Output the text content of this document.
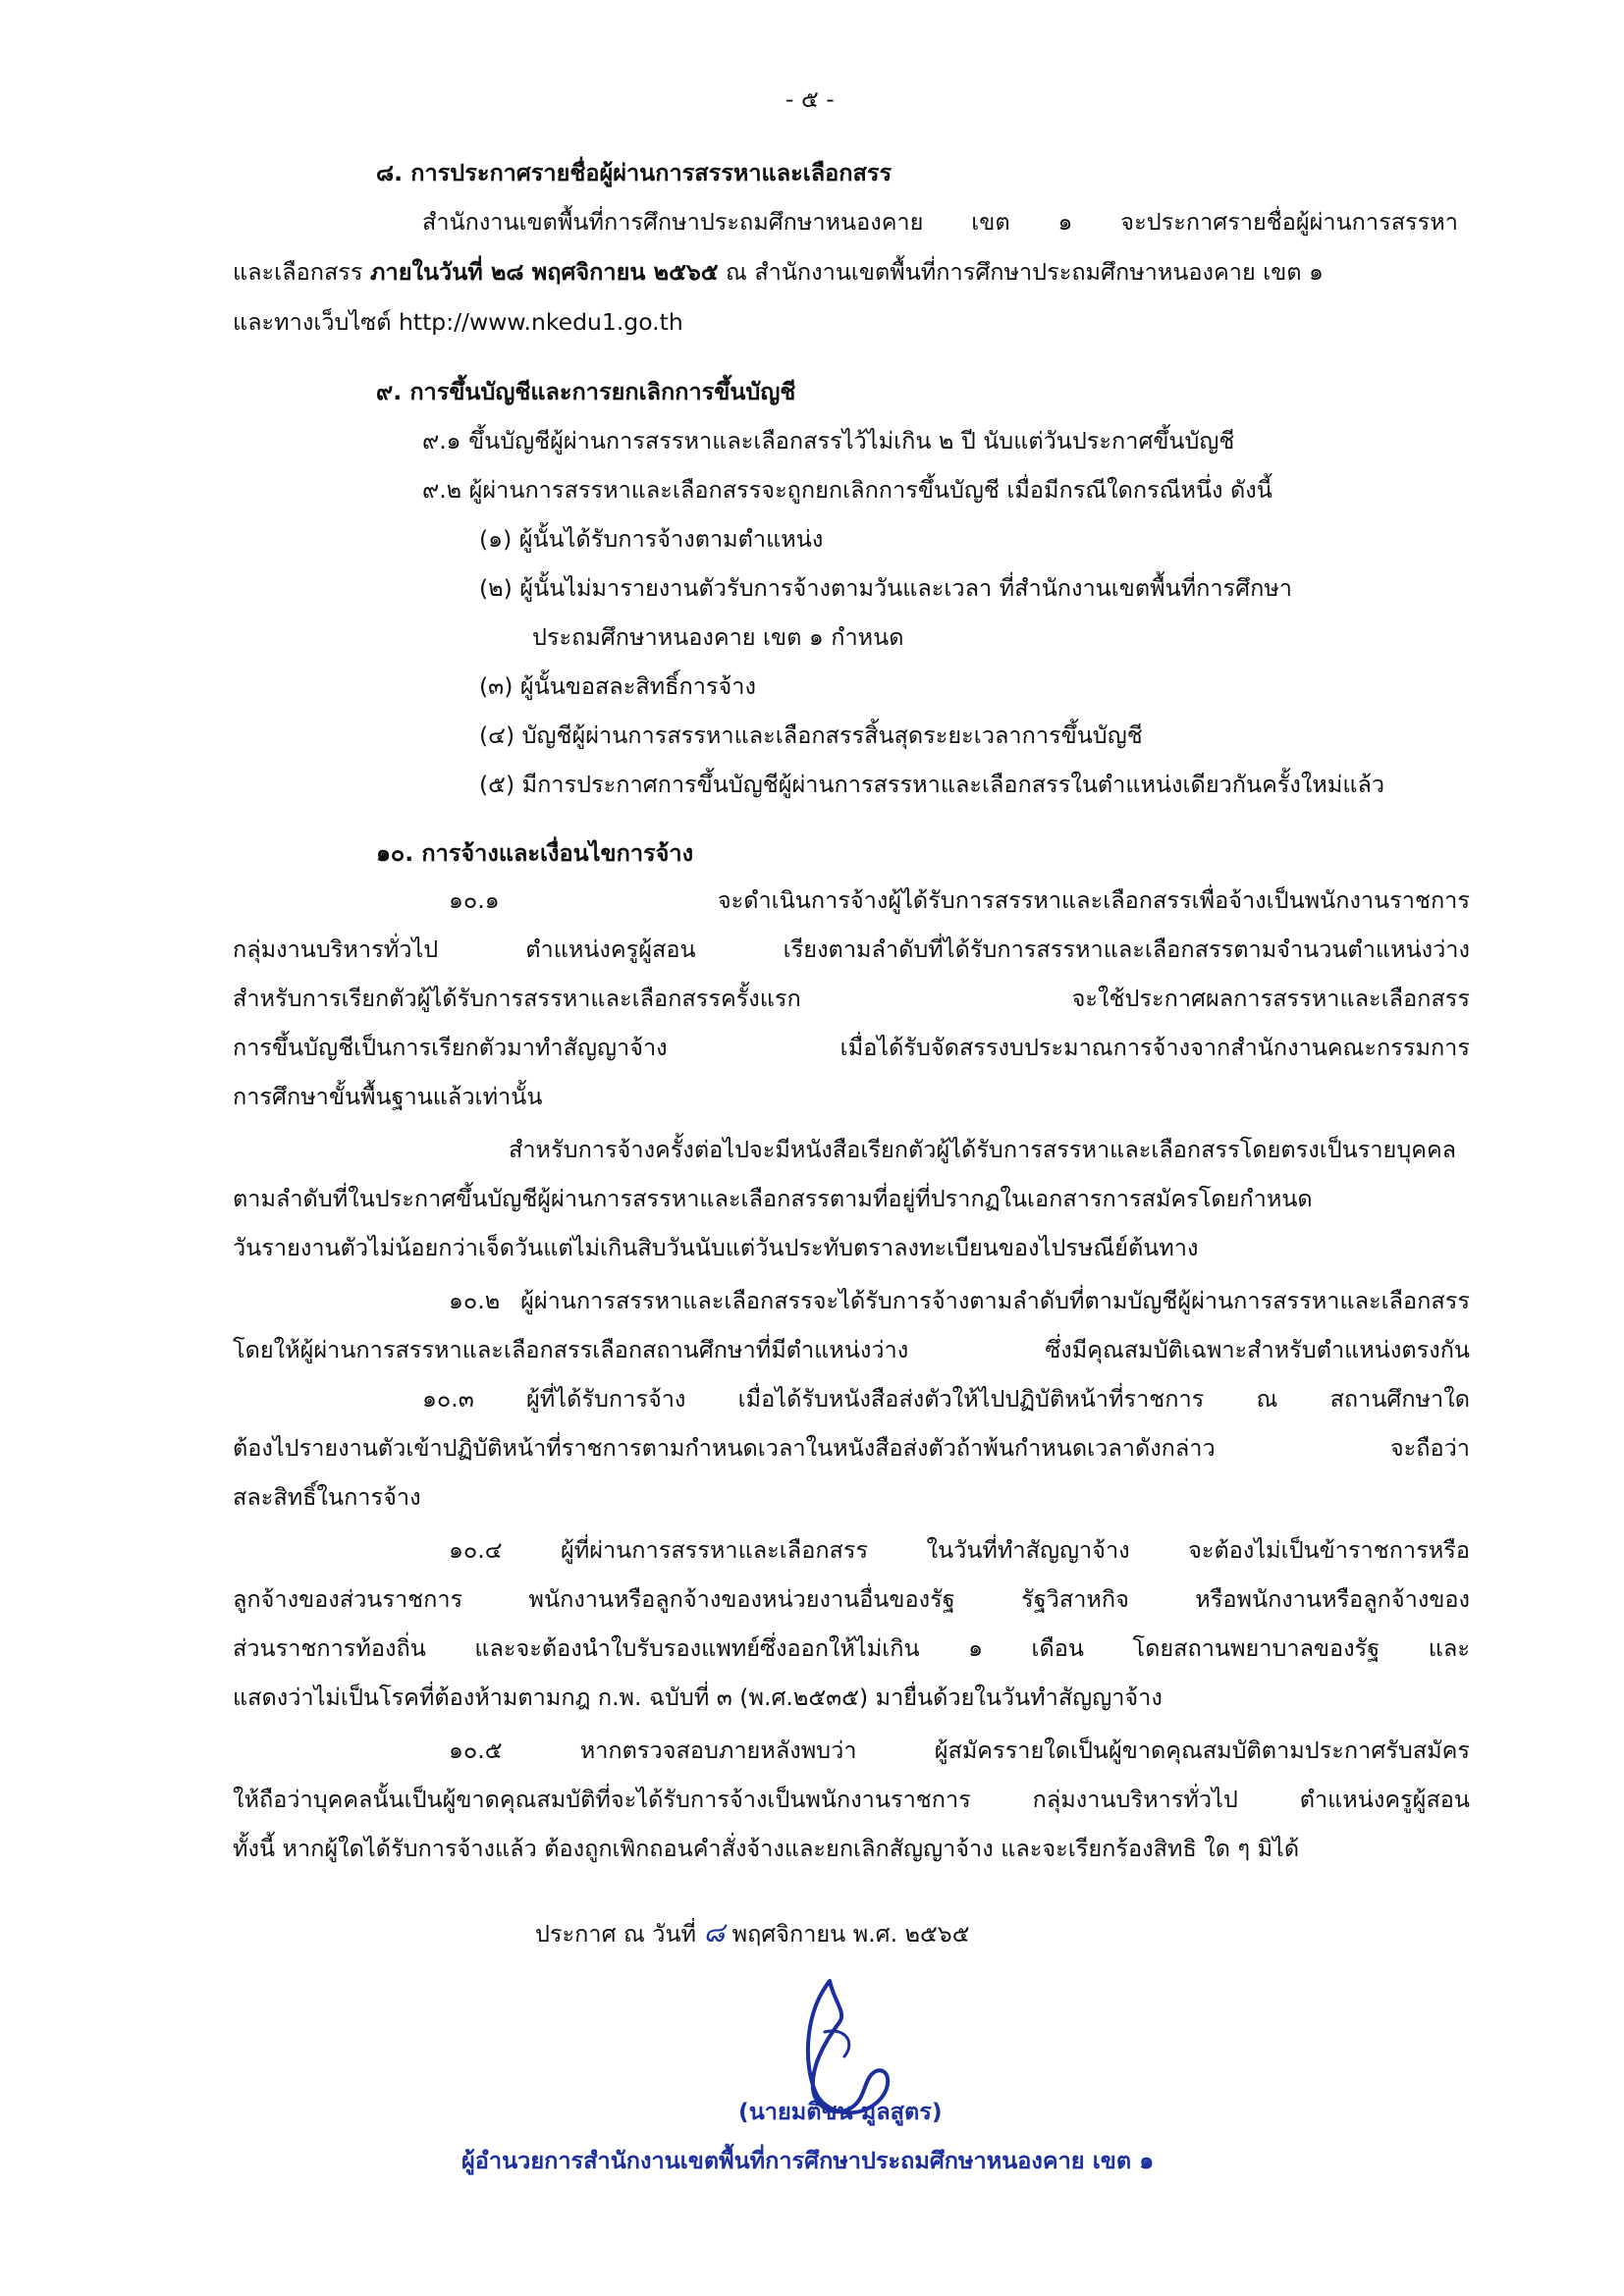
- ๕ -
๘. การประกาศรายชื่อผู้ผ่านการสรรหาและเลือกสรร
สำนักงานเขตพื้นที่การศึกษาประถมศึกษาหนองคาย เขต ๑ จะประกาศรายชื่อผู้ผ่านการสรรหา
และเลือกสรร ภายในวันที่ ๒๘ พฤศจิกายน ๒๕๖๕ ณ สำนักงานเขตพื้นที่การศึกษาประถมศึกษาหนองคาย เขต ๑
และทางเว็บไซต์ http://www.nkedu1.go.th
๙. การขึ้นบัญชีและการยกเลิกการขึ้นบัญชี
๙.๑ ขึ้นบัญชีผู้ผ่านการสรรหาและเลือกสรรไว้ไม่เกิน ๒ ปี นับแต่วันประกาศขึ้นบัญชี
๙.๒ ผู้ผ่านการสรรหาและเลือกสรรจะถูกยกเลิกการขึ้นบัญชี เมื่อมีกรณีใดกรณีหนึ่ง ดังนี้
(๑) ผู้นั้นได้รับการจ้างตามตำแหน่ง
(๒) ผู้นั้นไม่มารายงานตัวรับการจ้างตามวันและเวลา ที่สำนักงานเขตพื้นที่การศึกษา
ประถมศึกษาหนองคาย เขต ๑ กำหนด
(๓) ผู้นั้นขอสละสิทธิ์การจ้าง
(๔) บัญชีผู้ผ่านการสรรหาและเลือกสรรสิ้นสุดระยะเวลาการขึ้นบัญชี
(๕) มีการประกาศการขึ้นบัญชีผู้ผ่านการสรรหาและเลือกสรรในตำแหน่งเดียวกันครั้งใหม่แล้ว
๑๐. การจ้างและเงื่อนไขการจ้าง
๑๐.๑	จะดำเนินการจ้างผู้ได้รับการสรรหาและเลือกสรรเพื่อจ้างเป็นพนักงานราชการ
กลุ่มงานบริหารทั่วไป	ตำแหน่งครูผู้สอน	เรียงตามลำดับที่ได้รับการสรรหาและเลือกสรรตามจำนวนตำแหน่งว่าง
สำหรับการเรียกตัวผู้ได้รับการสรรหาและเลือกสรรครั้งแรก	จะใช้ประกาศผลการสรรหาและเลือกสรร
การขึ้นบัญชีเป็นการเรียกตัวมาทำสัญญาจ้าง	เมื่อได้รับจัดสรรงบประมาณการจ้างจากสำนักงานคณะกรรมการ
การศึกษาขั้นพื้นฐานแล้วเท่านั้น
สำหรับการจ้างครั้งต่อไปจะมีหนังสือเรียกตัวผู้ได้รับการสรรหาและเลือกสรรโดยตรงเป็นรายบุคคล
ตามลำดับที่ในประกาศขึ้นบัญชีผู้ผ่านการสรรหาและเลือกสรรตามที่อยู่ที่ปรากฏในเอกสารการสมัครโดยกำหนด
วันรายงานตัวไม่น้อยกว่าเจ็ดวันแต่ไม่เกินสิบวันนับแต่วันประทับตราลงทะเบียนของไปรษณีย์ต้นทาง
๑๐.๒ ผู้ผ่านการสรรหาและเลือกสรรจะได้รับการจ้างตามลำดับที่ตามบัญชีผู้ผ่านการสรรหาและเลือกสรร
โดยให้ผู้ผ่านการสรรหาและเลือกสรรเลือกสถานศึกษาที่มีตำแหน่งว่าง	ซึ่งมีคุณสมบัติเฉพาะสำหรับตำแหน่งตรงกัน
๑๐.๓ ผู้ที่ได้รับการจ้าง เมื่อได้รับหนังสือส่งตัวให้ไปปฏิบัติหน้าที่ราชการ ณ สถานศึกษาใด
ต้องไปรายงานตัวเข้าปฏิบัติหน้าที่ราชการตามกำหนดเวลาในหนังสือส่งตัวถ้าพ้นกำหนดเวลาดังกล่าว	จะถือว่า
สละสิทธิ์ในการจ้าง
๑๐.๔	ผู้ที่ผ่านการสรรหาและเลือกสรร	ในวันที่ทำสัญญาจ้าง	จะต้องไม่เป็นข้าราชการหรือ
ลูกจ้างของส่วนราชการ	พนักงานหรือลูกจ้างของหน่วยงานอื่นของรัฐ	รัฐวิสาหกิจ	หรือพนักงานหรือลูกจ้างของ
ส่วนราชการท้องถิ่น และจะต้องนำใบรับรองแพทย์ซึ่งออกให้ไม่เกิน ๑ เดือน โดยสถานพยาบาลของรัฐ และ
แสดงว่าไม่เป็นโรคที่ต้องห้ามตามกฎ ก.พ. ฉบับที่ ๓ (พ.ศ.๒๕๓๕) มายื่นด้วยในวันทำสัญญาจ้าง
๑๐.๕	หากตรวจสอบภายหลังพบว่า	ผู้สมัครรายใดเป็นผู้ขาดคุณสมบัติตามประกาศรับสมัคร
ให้ถือว่าบุคคลนั้นเป็นผู้ขาดคุณสมบัติที่จะได้รับการจ้างเป็นพนักงานราชการ	กลุ่มงานบริหารทั่วไป	ตำแหน่งครูผู้สอน
ทั้งนี้ หากผู้ใดได้รับการจ้างแล้ว ต้องถูกเพิกถอนคำสั่งจ้างและยกเลิกสัญญาจ้าง และจะเรียกร้องสิทธิ ใด ๆ มิได้
ประกาศ ณ วันที่ ๘ พฤศจิกายน พ.ศ. ๒๕๖๕
(นายมติชน มูลสูตร)
ผู้อำนวยการสำนักงานเขตพื้นที่การศึกษาประถมศึกษาหนองคาย เขต ๑
